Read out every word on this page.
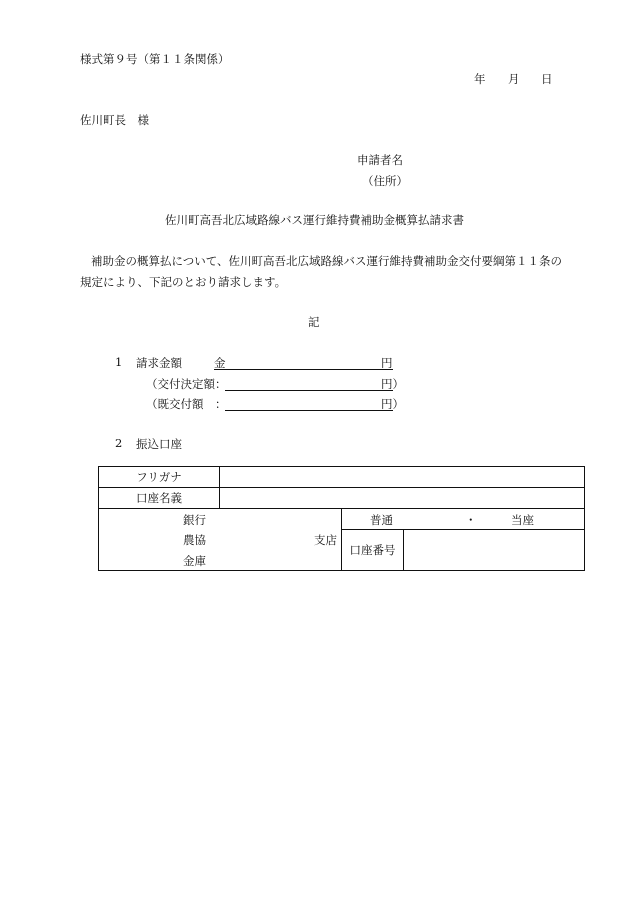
様式第９号（第１１条関係）
年 月 日
佐川町長　様
申請者名
（住所）
佐川町高吾北広域路線バス運行維持費補助金概算払請求書
補助金の概算払について、佐川町高吾北広域路線バス運行維持費補助金交付要綱第１１条の
規定により、下記のとおり請求します。
記
1 請求金額	金	円
（交付決定額：	円）
（既交付額　：	円）
2 振込口座
フリガナ			
口座名義			

銀行
農協
金庫
支店		普通 ・ 当座	

		口座番号	
